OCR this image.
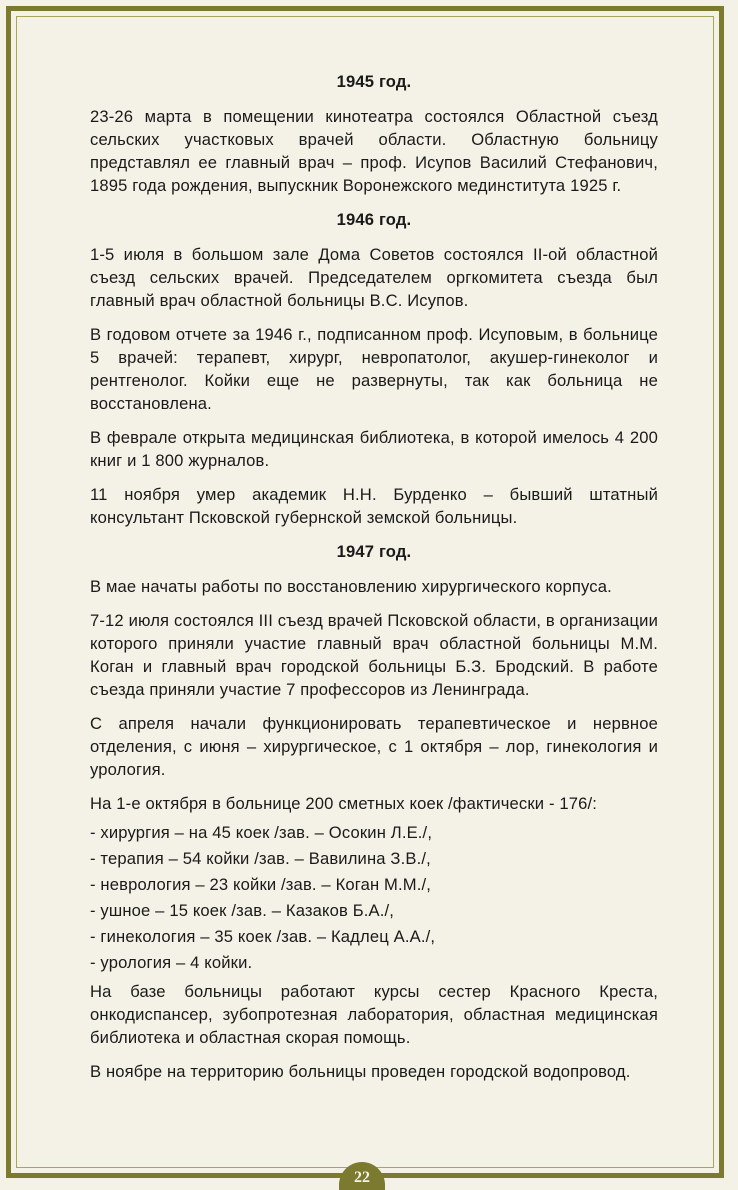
1945 год.

23-26 марта в помещении кинотеатра состоялся Областной съезд сельских участковых врачей области. Областную больницу представлял ее главный врач – проф. Исупов Василий Стефанович, 1895 года рождения, выпускник Воронежского мединститута 1925 г.

1946 год.

1-5 июля в большом зале Дома Советов состоялся II-ой областной съезд сельских врачей. Председателем оргкомитета съезда был главный врач областной больницы В.С. Исупов.

В годовом отчете за 1946 г., подписанном проф. Исуповым, в больнице 5 врачей: терапевт, хирург, невропатолог, акушер-гинеколог и рентгенолог. Койки еще не развернуты, так как больница не восстановлена.

В феврале открыта медицинская библиотека, в которой имелось 4 200 книг и 1 800 журналов.

11 ноября умер академик Н.Н. Бурденко – бывший штатный консультант Псковской губернской земской больницы.

1947 год.

В мае начаты работы по восстановлению хирургического корпуса.

7-12 июля состоялся III съезд врачей Псковской области, в организации которого приняли участие главный врач областной больницы М.М. Коган и главный врач городской больницы Б.З. Бродский. В работе съезда приняли участие 7 профессоров из Ленинграда.

С апреля начали функционировать терапевтическое и нервное отделения, с июня – хирургическое, с 1 октября – лор, гинекология и урология.

На 1-е октября в больнице 200 сметных коек /фактически - 176/:

- хирургия – на 45 коек /зав. – Осокин Л.Е./,
- терапия – 54 койки /зав. – Вавилина З.В./,
- неврология – 23 койки /зав. – Коган М.М./,
- ушное – 15 коек /зав. – Казаков Б.А./,
- гинекология – 35 коек /зав. – Кадлец А.А./,
- урология – 4 койки.

На базе больницы работают курсы сестер Красного Креста, онкодиспансер, зубопротезная лаборатория, областная медицинская библиотека и областная скорая помощь.

В ноябре на территорию больницы проведен городской водопровод.

22
